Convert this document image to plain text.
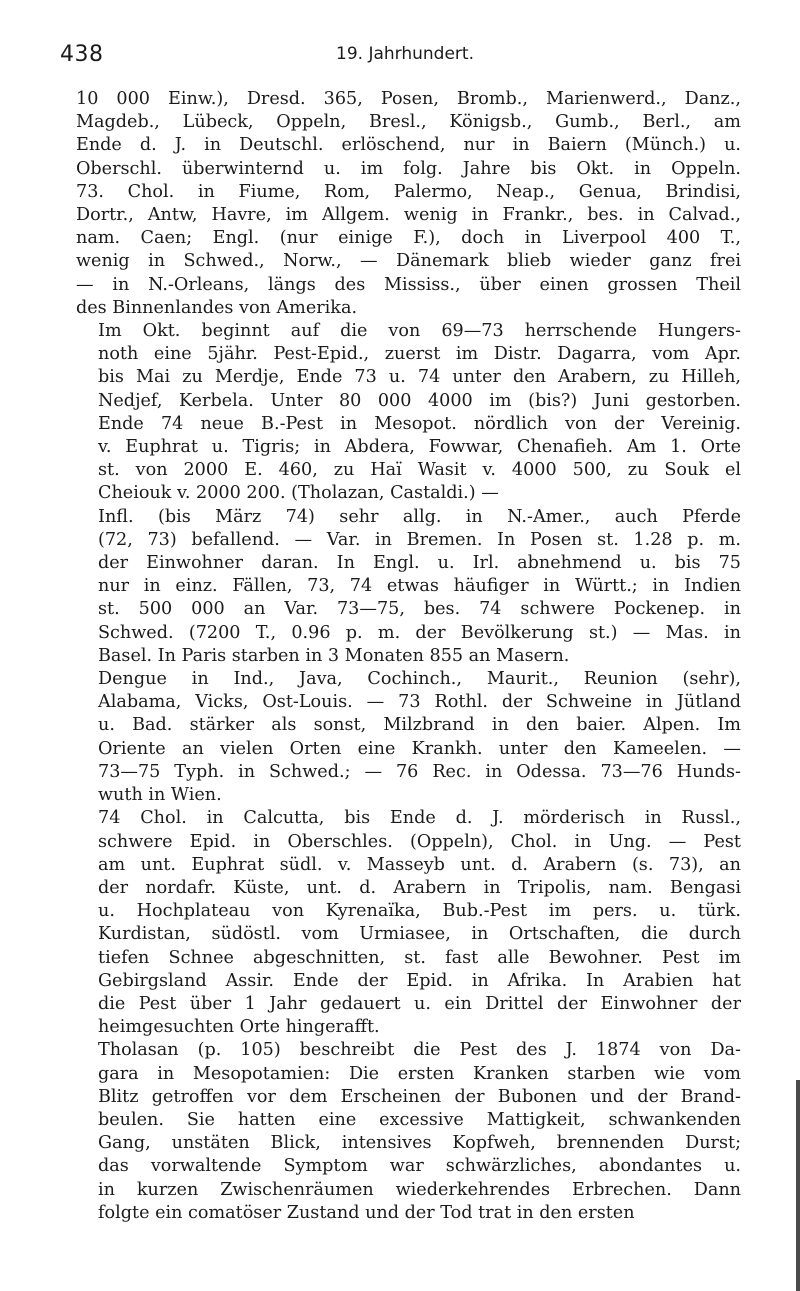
438	19. Jahrhundert.

10 000 Einw.), Dresd. 365, Posen, Bromb., Marienwerd., Danz.,
Magdeb., Lübeck, Oppeln, Bresl., Königsb., Gumb., Berl., am
Ende d. J. in Deutschl. erlöschend, nur in Baiern (Münch.) u.
Oberschl. überwinternd u. im folg. Jahre bis Okt. in Oppeln.
73. Chol. in Fiume, Rom, Palermo, Neap., Genua, Brindisi,
Dortr., Antw, Havre, im Allgem. wenig in Frankr., bes. in Calvad.,
nam. Caen; Engl. (nur einige F.), doch in Liverpool 400 T.,
wenig in Schwed., Norw., — Dänemark blieb wieder ganz frei
— in N.-Orleans, längs des Mississ., über einen grossen Theil
des Binnenlandes von Amerika.

Im Okt. beginnt auf die von 69—73 herrschende Hungers-
noth eine 5jähr. Pest-Epid., zuerst im Distr. Dagarra, vom Apr.
bis Mai zu Merdje, Ende 73 u. 74 unter den Arabern, zu Hilleh,
Nedjef, Kerbela. Unter 80 000 4000 im (bis?) Juni gestorben.
Ende 74 neue B.-Pest in Mesopot. nördlich von der Vereinig.
v. Euphrat u. Tigris; in Abdera, Fowwar, Chenafieh. Am 1. Orte
st. von 2000 E. 460, zu Haï Wasit v. 4000 500, zu Souk el
Cheiouk v. 2000 200. (Tholazan, Castaldi.) —

Infl. (bis März 74) sehr allg. in N.-Amer., auch Pferde
(72, 73) befallend. — Var. in Bremen. In Posen st. 1.28 p. m.
der Einwohner daran. In Engl. u. Irl. abnehmend u. bis 75
nur in einz. Fällen, 73, 74 etwas häufiger in Württ.; in Indien
st. 500 000 an Var. 73—75, bes. 74 schwere Pockenep. in
Schwed. (7200 T., 0.96 p. m. der Bevölkerung st.) — Mas. in
Basel. In Paris starben in 3 Monaten 855 an Masern.

Dengue in Ind., Java, Cochinch., Maurit., Reunion (sehr),
Alabama, Vicks, Ost-Louis. — 73 Rothl. der Schweine in Jütland
u. Bad. stärker als sonst, Milzbrand in den baier. Alpen. Im
Oriente an vielen Orten eine Krankh. unter den Kameelen. —
73—75 Typh. in Schwed.; — 76 Rec. in Odessa. 73—76 Hunds-
wuth in Wien.

74 Chol. in Calcutta, bis Ende d. J. mörderisch in Russl.,
schwere Epid. in Oberschles. (Oppeln), Chol. in Ung. — Pest
am unt. Euphrat südl. v. Masseyb unt. d. Arabern (s. 73), an
der nordafr. Küste, unt. d. Arabern in Tripolis, nam. Bengasi
u. Hochplateau von Kyrenaïka, Bub.-Pest im pers. u. türk.
Kurdistan, südöstl. vom Urmiasee, in Ortschaften, die durch
tiefen Schnee abgeschnitten, st. fast alle Bewohner. Pest im
Gebirgsland Assir. Ende der Epid. in Afrika. In Arabien hat
die Pest über 1 Jahr gedauert u. ein Drittel der Einwohner der
heimgesuchten Orte hingerafft.

Tholasan (p. 105) beschreibt die Pest des J. 1874 von Da-
gara in Mesopotamien: Die ersten Kranken starben wie vom
Blitz getroffen vor dem Erscheinen der Bubonen und der Brand-
beulen. Sie hatten eine excessive Mattigkeit, schwankenden
Gang, unstäten Blick, intensives Kopfweh, brennenden Durst;
das vorwaltende Symptom war schwärzliches, abondantes u.
in kurzen Zwischenräumen wiederkehrendes Erbrechen. Dann
folgte ein comatöser Zustand und der Tod trat in den ersten
